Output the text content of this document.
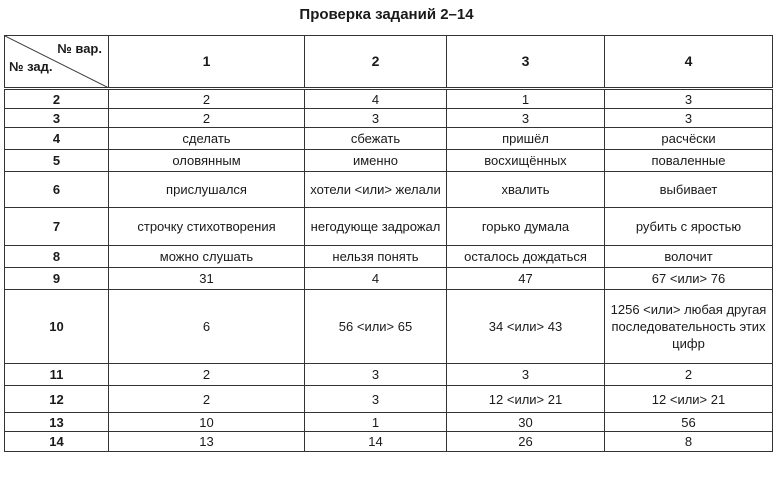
Проверка заданий 2–14
№ вар.
№ зад.	1	2	3	4

2	2	4	1	3
3	2	3	3	3
4	сделать	сбежать	пришёл	расчёски
5	оловянным	именно	восхищённых	поваленные
6	прислушался	хотели <или> желали	хвалить	выбивает
7	строчку стихотворения	негодующе задрожал	горько думала	рубить с яростью
8	можно слушать	нельзя понять	осталось дождаться	волочит
9	31	4	47	67 <или> 76
10	6	56 <или> 65	34 <или> 43	1256 <или> любая другая последовательность этих цифр
11	2	3	3	2
12	2	3	12 <или> 21	12 <или> 21
13	10	1	30	56
14	13	14	26	8
